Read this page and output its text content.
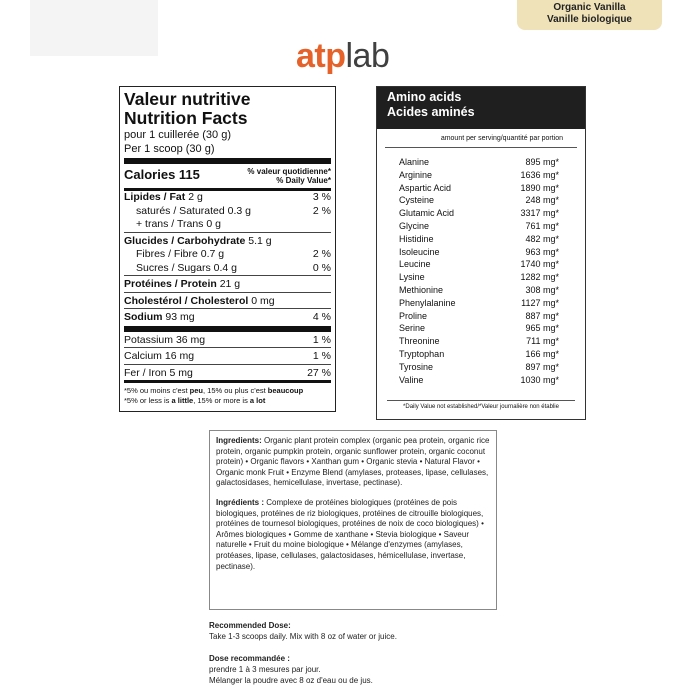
Organic Vanilla
Vanille biologique
atplab
Valeur nutritive
Nutrition Facts
pour 1 cuillerée (30 g)
Per 1 scoop (30 g)
Calories 115	% valeur quotidienne*
% Daily Value*
Lipides / Fat 2 g	3 %
saturés / Saturated 0.3 g	2 %
+ trans / Trans 0 g
Glucides / Carbohydrate 5.1 g
Fibres / Fibre 0.7 g	2 %
Sucres / Sugars 0.4 g	0 %
Protéines / Protein 21 g
Cholestérol / Cholesterol 0 mg
Sodium 93 mg	4 %
Potassium 36 mg	1 %
Calcium 16 mg	1 %
Fer / Iron 5 mg	27 %
*5% ou moins c'est peu, 15% ou plus c'est beaucoup
*5% or less is a little, 15% or more is a lot
Amino acids
Acides aminés
amount per serving/quantité par portion
Alanine	895 mg*
Arginine	1636 mg*
Aspartic Acid	1890 mg*
Cysteine	248 mg*
Glutamic Acid	3317 mg*
Glycine	761 mg*
Histidine	482 mg*
Isoleucine	963 mg*
Leucine	1740 mg*
Lysine	1282 mg*
Methionine	308 mg*
Phenylalanine	1127 mg*
Proline	887 mg*
Serine	965 mg*
Threonine	711 mg*
Tryptophan	166 mg*
Tyrosine	897 mg*
Valine	1030 mg*
*Daily Value not established/*Valeur journalière non établie

Ingredients: Organic plant protein complex (organic pea protein, organic rice protein, organic pumpkin protein, organic sunflower protein, organic coconut protein) • Organic flavors • Xanthan gum • Organic stevia • Natural Flavor • Organic monk Fruit • Enzyme Blend (amylases, proteases, lipase, cellulases, galactosidases, hemicellulase, invertase, pectinase).

Ingrédients : Complexe de protéines biologiques (protéines de pois biologiques, protéines de riz biologiques, protéines de citrouille biologiques, protéines de tournesol biologiques, protéines de noix de coco biologiques) • Arômes biologiques • Gomme de xanthane • Stevia biologique • Saveur naturelle • Fruit du moine biologique • Mélange d'enzymes (amylases, protéases, lipase, cellulases, galactosidases, hémicellulase, invertase, pectinase).

Recommended Dose:
Take 1-3 scoops daily. Mix with 8 oz of water or juice.
Dose recommandée :
prendre 1 à 3 mesures par jour.
Mélanger la poudre avec 8 oz d'eau ou de jus.
